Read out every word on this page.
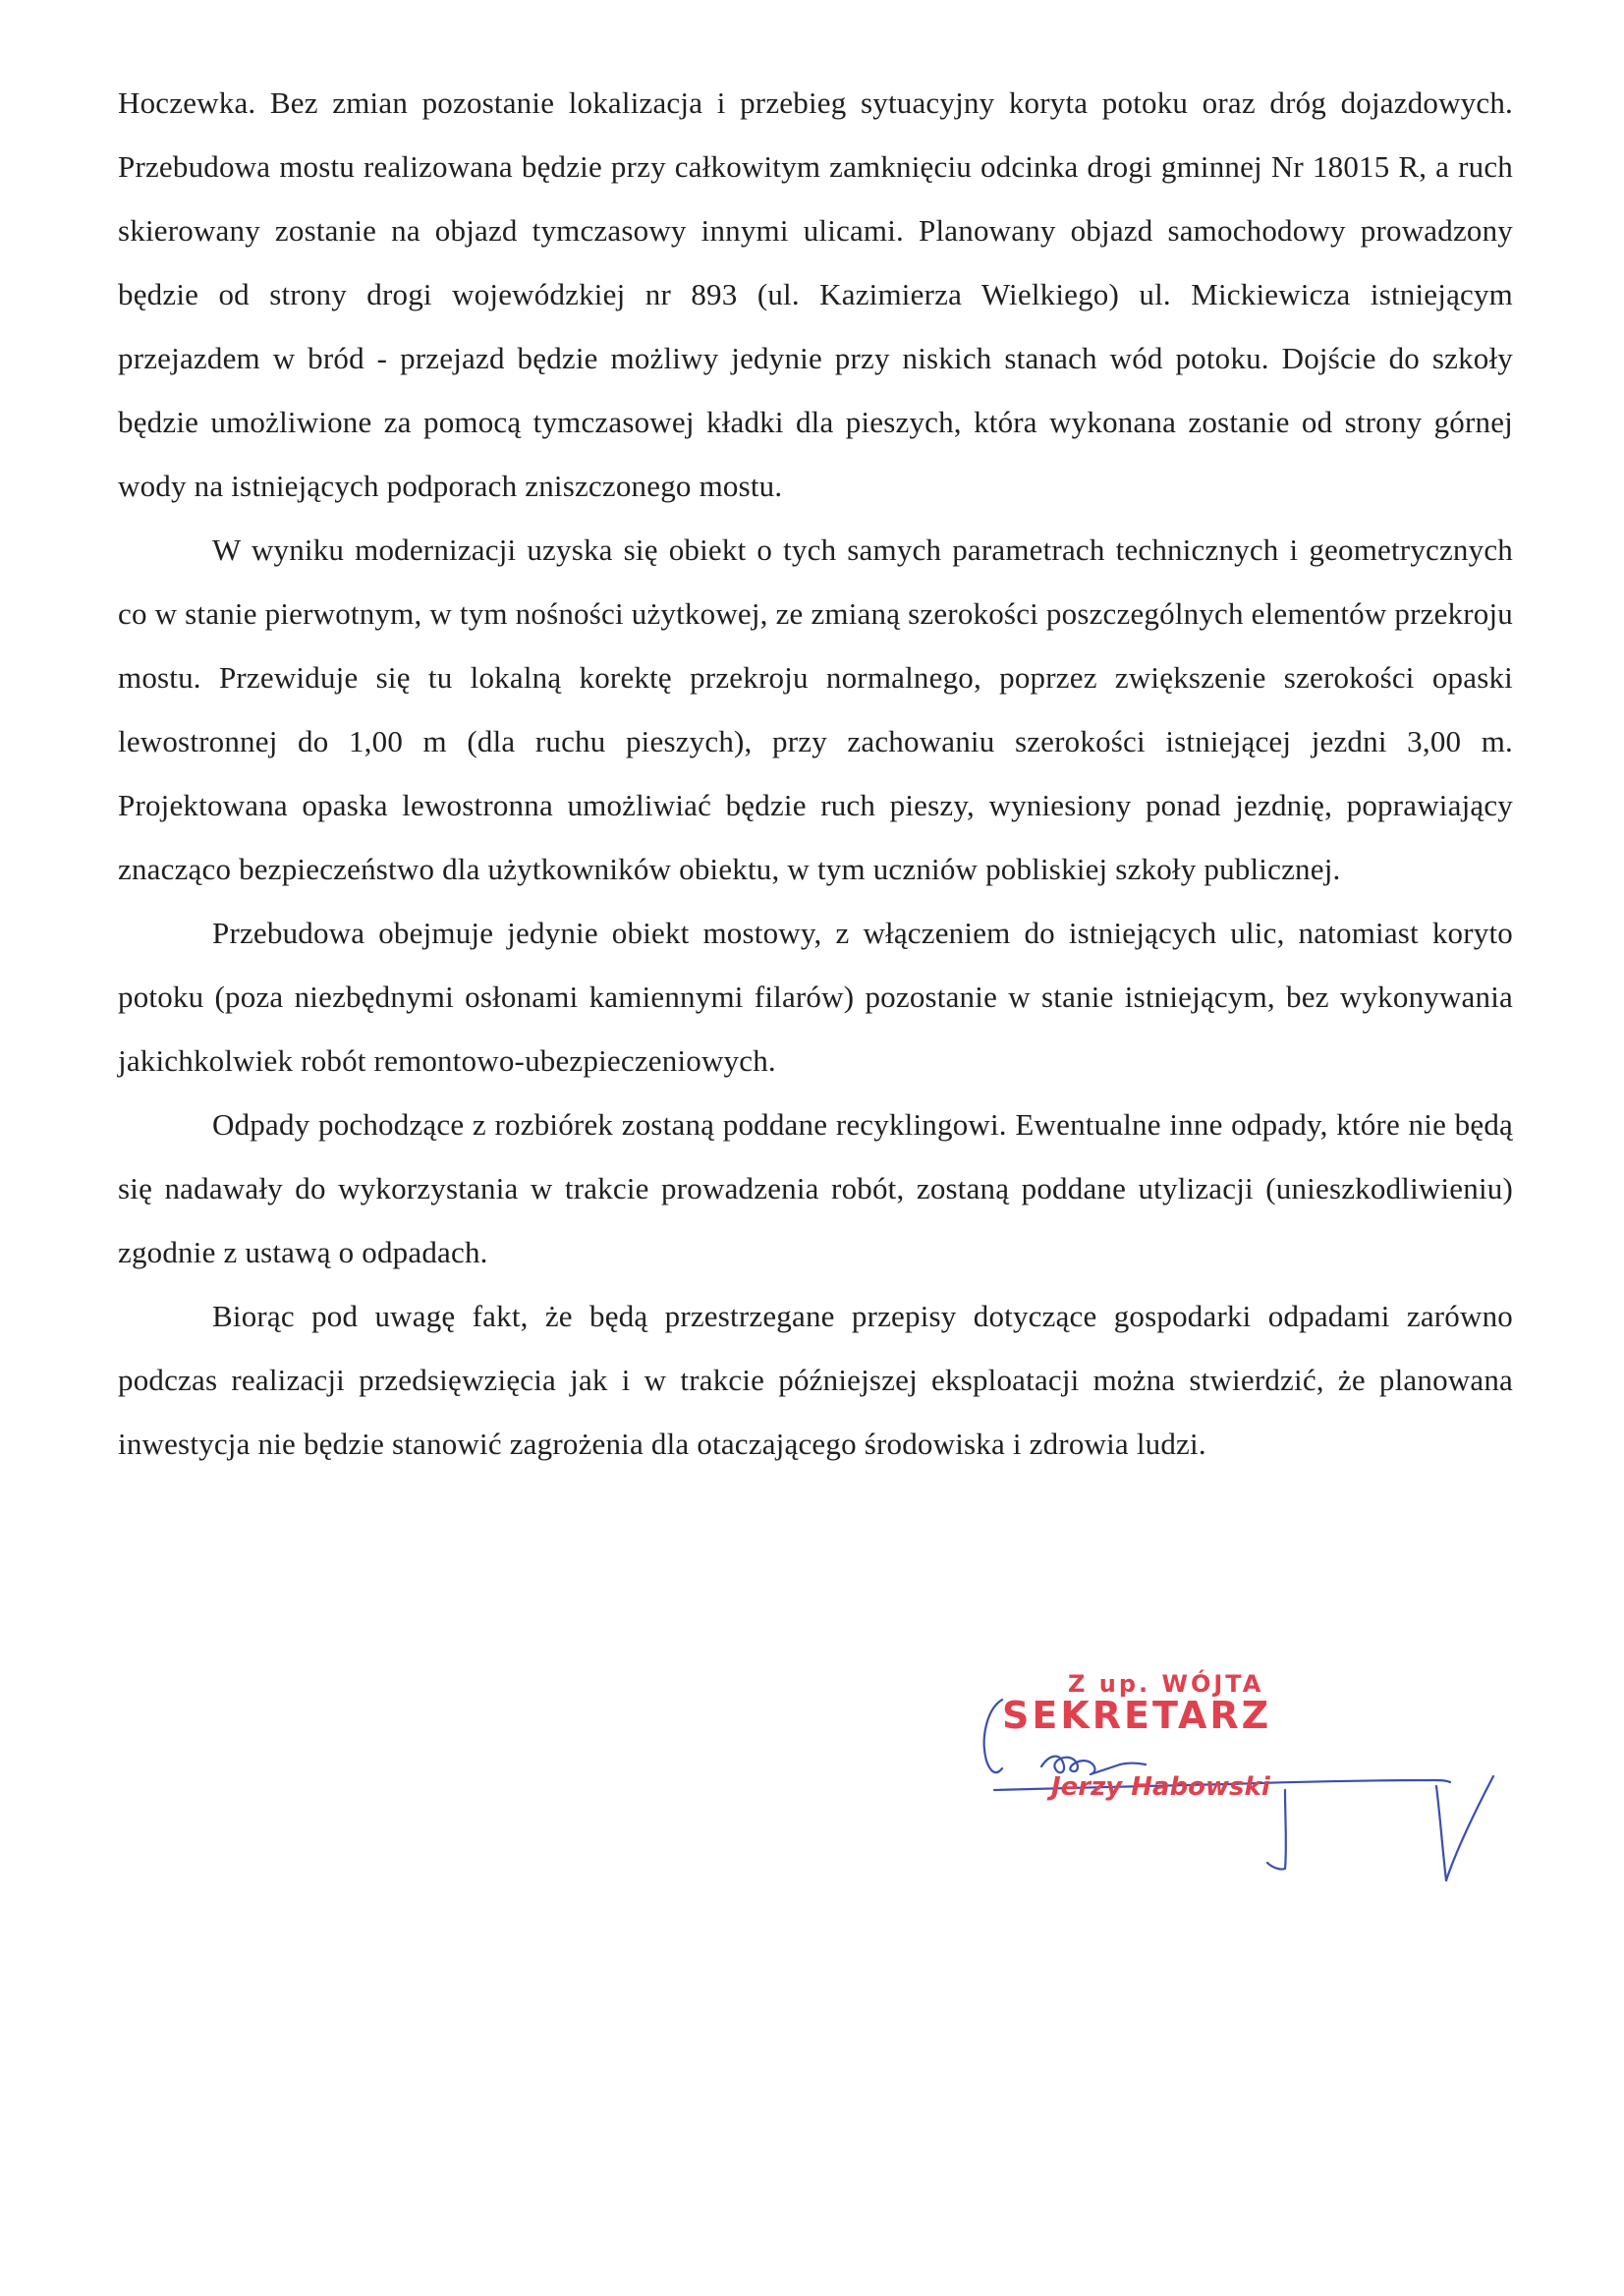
Hoczewka. Bez zmian pozostanie lokalizacja i przebieg sytuacyjny koryta potoku oraz dróg dojazdowych. Przebudowa mostu realizowana będzie przy całkowitym zamknięciu odcinka drogi gminnej Nr 18015 R, a ruch skierowany zostanie na objazd tymczasowy innymi ulicami. Planowany objazd samochodowy prowadzony będzie od strony drogi wojewódzkiej nr 893 (ul. Kazimierza Wielkiego) ul. Mickiewicza istniejącym przejazdem w bród - przejazd będzie możliwy jedynie przy niskich stanach wód potoku. Dojście do szkoły będzie umożliwione za pomocą tymczasowej kładki dla pieszych, która wykonana zostanie od strony górnej wody na istniejących podporach zniszczonego mostu.

W wyniku modernizacji uzyska się obiekt o tych samych parametrach technicznych i geometrycznych co w stanie pierwotnym, w tym nośności użytkowej, ze zmianą szerokości poszczególnych elementów przekroju mostu. Przewiduje się tu lokalną korektę przekroju normalnego, poprzez zwiększenie szerokości opaski lewostronnej do 1,00 m (dla ruchu pieszych), przy zachowaniu szerokości istniejącej jezdni 3,00 m. Projektowana opaska lewostronna umożliwiać będzie ruch pieszy, wyniesiony ponad jezdnię, poprawiający znacząco bezpieczeństwo dla użytkowników obiektu, w tym uczniów pobliskiej szkoły publicznej.

Przebudowa obejmuje jedynie obiekt mostowy, z włączeniem do istniejących ulic, natomiast koryto potoku (poza niezbędnymi osłonami kamiennymi filarów) pozostanie w stanie istniejącym, bez wykonywania jakichkolwiek robót remontowo-ubezpieczeniowych.

Odpady pochodzące z rozbiórek zostaną poddane recyklingowi. Ewentualne inne odpady, które nie będą się nadawały do wykorzystania w trakcie prowadzenia robót, zostaną poddane utylizacji (unieszkodliwieniu) zgodnie z ustawą o odpadach.

Biorąc pod uwagę fakt, że będą przestrzegane przepisy dotyczące gospodarki odpadami zarówno podczas realizacji przedsięwzięcia jak i w trakcie późniejszej eksploatacji można stwierdzić, że planowana inwestycja nie będzie stanowić zagrożenia dla otaczającego środowiska i zdrowia ludzi.

Z up. WÓJTA
SEKRETARZ
Jerzy Habowski
